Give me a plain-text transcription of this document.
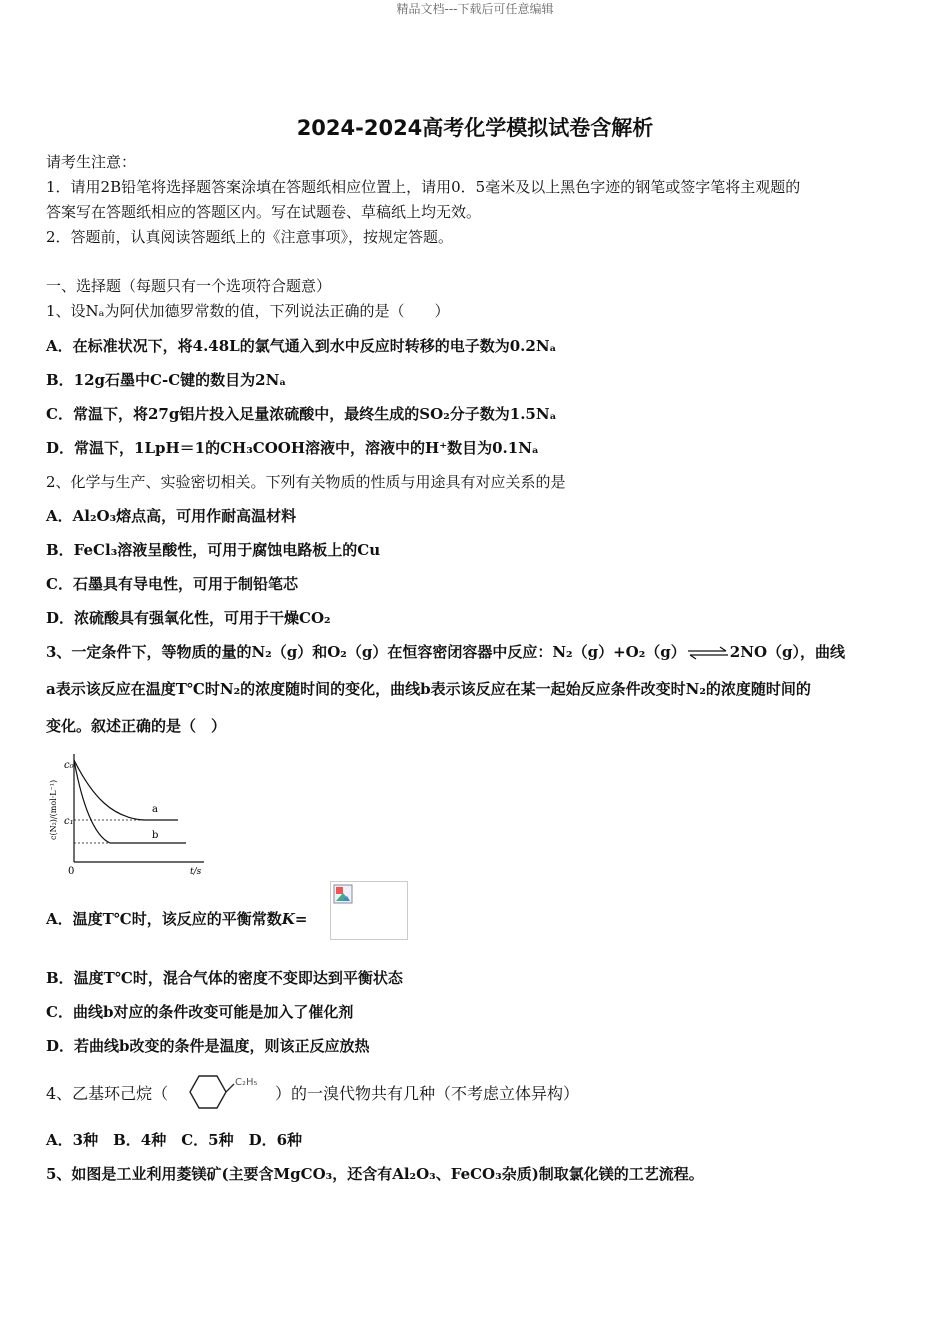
精品文档---下载后可任意编辑
2024-2024高考化学模拟试卷含解析
请考生注意：
1．请用2B铅笔将选择题答案涂填在答题纸相应位置上，请用0．5毫米及以上黑色字迹的钢笔或签字笔将主观题的
答案写在答题纸相应的答题区内。写在试题卷、草稿纸上均无效。
2．答题前，认真阅读答题纸上的《注意事项》，按规定答题。
一、选择题（每题只有一个选项符合题意）
1、设Nₐ为阿伏加德罗常数的值，下列说法正确的是（　　）
A．在标准状况下，将4.48L的氯气通入到水中反应时转移的电子数为0.2Nₐ
B．12g石墨中C-C键的数目为2Nₐ
C．常温下，将27g铝片投入足量浓硫酸中，最终生成的SO₂分子数为1.5Nₐ
D．常温下，1LpH＝1的CH₃COOH溶液中，溶液中的H⁺数目为0.1Nₐ
2、化学与生产、实验密切相关。下列有关物质的性质与用途具有对应关系的是
A．Al₂O₃熔点高，可用作耐高温材料
B．FeCl₃溶液呈酸性，可用于腐蚀电路板上的Cu
C．石墨具有导电性，可用于制铅笔芯
D．浓硫酸具有强氧化性，可用于干燥CO₂
3、一定条件下，等物质的量的N₂（g）和O₂（g）在恒容密闭容器中反应：N₂（g）+O₂（g）⇌2NO（g），曲线
a表示该反应在温度T℃时N₂的浓度随时间的变化，曲线b表示该反应在某一起始反应条件改变时N₂的浓度随时间的
变化。叙述正确的是（　）
c₀
c₁
a
b
0	t/s
c(N₂)/(mol·L⁻¹)
A．温度T℃时，该反应的平衡常数K=
B．温度T℃时，混合气体的密度不变即达到平衡状态
C．曲线b对应的条件改变可能是加入了催化剂
D．若曲线b改变的条件是温度，则该正反应放热
4、乙基环己烷（
C₂H₅
）的一溴代物共有几种（不考虑立体异构）
A．3种　B．4种　C．5种　D．6种
5、如图是工业利用菱镁矿(主要含MgCO₃，还含有Al₂O₃、FeCO₃杂质)制取氯化镁的工艺流程。
